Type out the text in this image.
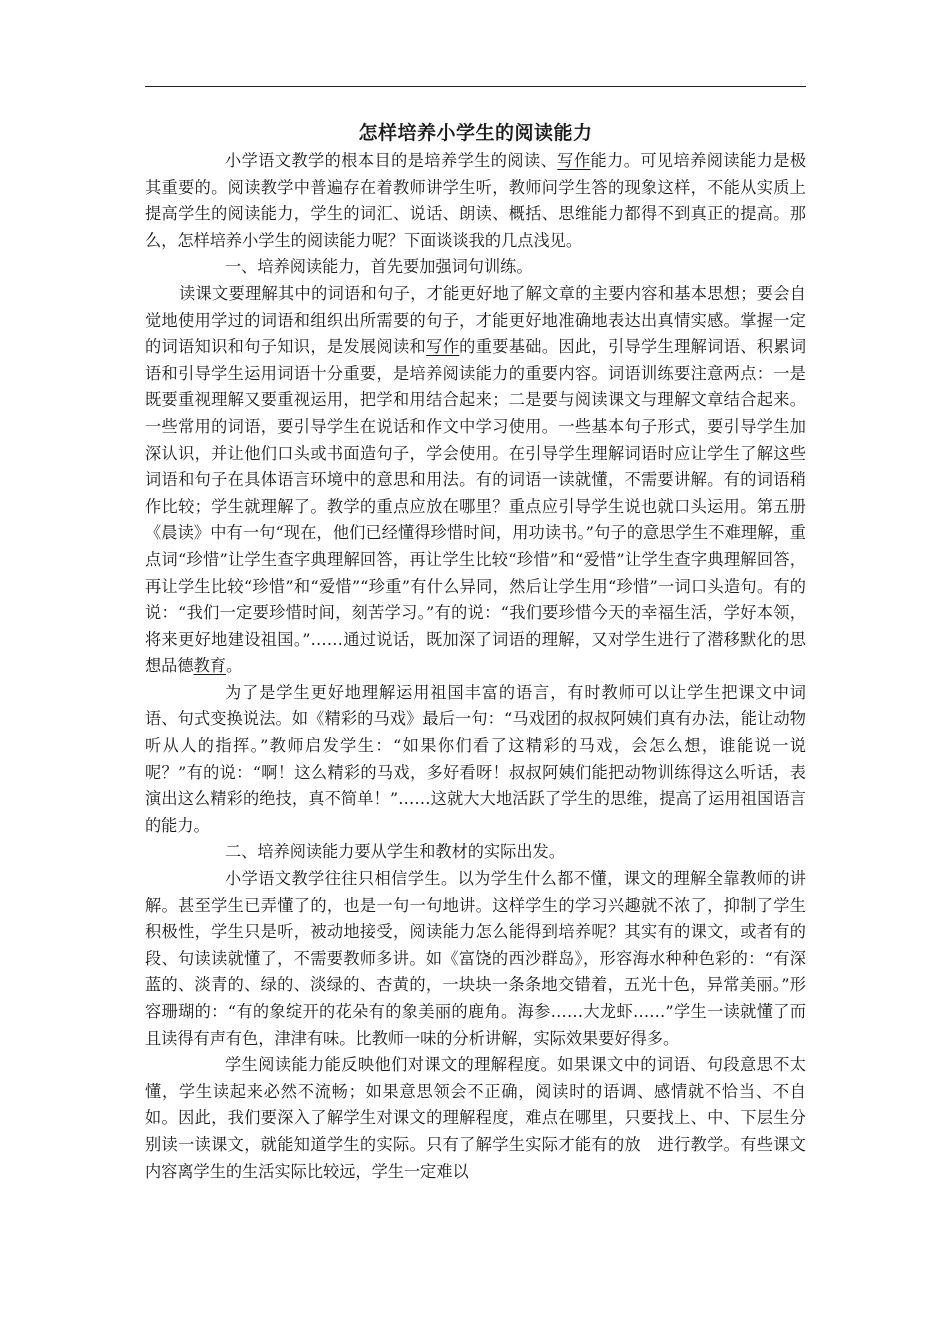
怎样培养小学生的阅读能力

小学语文教学的根本目的是培养学生的阅读、写作能力。可见培养阅读能力是极其重要的。阅读教学中普遍存在着教师讲学生听，教师问学生答的现象这样，不能从实质上提高学生的阅读能力，学生的词汇、说话、朗读、概括、思维能力都得不到真正的提高。那么，怎样培养小学生的阅读能力呢？下面谈谈我的几点浅见。

一、培养阅读能力，首先要加强词句训练。

读课文要理解其中的词语和句子，才能更好地了解文章的主要内容和基本思想；要会自觉地使用学过的词语和组织出所需要的句子，才能更好地准确地表达出真情实感。掌握一定的词语知识和句子知识，是发展阅读和写作的重要基础。因此，引导学生理解词语、积累词语和引导学生运用词语十分重要，是培养阅读能力的重要内容。词语训练要注意两点：一是既要重视理解又要重视运用，把学和用结合起来；二是要与阅读课文与理解文章结合起来。一些常用的词语，要引导学生在说话和作文中学习使用。一些基本句子形式，要引导学生加深认识，并让他们口头或书面造句子，学会使用。在引导学生理解词语时应让学生了解这些词语和句子在具体语言环境中的意思和用法。有的词语一读就懂，不需要讲解。有的词语稍作比较；学生就理解了。教学的重点应放在哪里？重点应引导学生说也就口头运用。第五册《晨读》中有一句“现在，他们已经懂得珍惜时间，用功读书。”句子的意思学生不难理解，重点词“珍惜”让学生查字典理解回答，再让学生比较“珍惜”和“爱惜”让学生查字典理解回答，再让学生比较“珍惜”和“爱惜”“珍重”有什么异同，然后让学生用“珍惜”一词口头造句。有的说：“我们一定要珍惜时间，刻苦学习。”有的说：“我们要珍惜今天的幸福生活，学好本领，将来更好地建设祖国。”……通过说话，既加深了词语的理解，又对学生进行了潜移默化的思想品德教育。

为了是学生更好地理解运用祖国丰富的语言，有时教师可以让学生把课文中词语、句式变换说法。如《精彩的马戏》最后一句：“马戏团的叔叔阿姨们真有办法，能让动物听从人的指挥。”教师启发学生：“如果你们看了这精彩的马戏，会怎么想，谁能说一说呢？”有的说：“啊！这么精彩的马戏，多好看呀！叔叔阿姨们能把动物训练得这么听话，表演出这么精彩的绝技，真不简单！”……这就大大地活跃了学生的思维，提高了运用祖国语言的能力。

二、培养阅读能力要从学生和教材的实际出发。

小学语文教学往往只相信学生。以为学生什么都不懂，课文的理解全靠教师的讲解。甚至学生已弄懂了的，也是一句一句地讲。这样学生的学习兴趣就不浓了，抑制了学生积极性，学生只是听，被动地接受，阅读能力怎么能得到培养呢？其实有的课文，或者有的段、句读读就懂了，不需要教师多讲。如《富饶的西沙群岛》，形容海水种种色彩的：“有深蓝的、淡青的、绿的、淡绿的、杏黄的，一块块一条条地交错着，五光十色，异常美丽。”形容珊瑚的：“有的象绽开的花朵有的象美丽的鹿角。海参……大龙虾……”学生一读就懂了而且读得有声有色，津津有味。比教师一味的分析讲解，实际效果要好得多。

学生阅读能力能反映他们对课文的理解程度。如果课文中的词语、句段意思不太懂，学生读起来必然不流畅；如果意思领会不正确，阅读时的语调、感情就不恰当、不自如。因此，我们要深入了解学生对课文的理解程度，难点在哪里，只要找上、中、下层生分别读一读课文，就能知道学生的实际。只有了解学生实际才能有的放　进行教学。有些课文内容离学生的生活实际比较远，学生一定难以
